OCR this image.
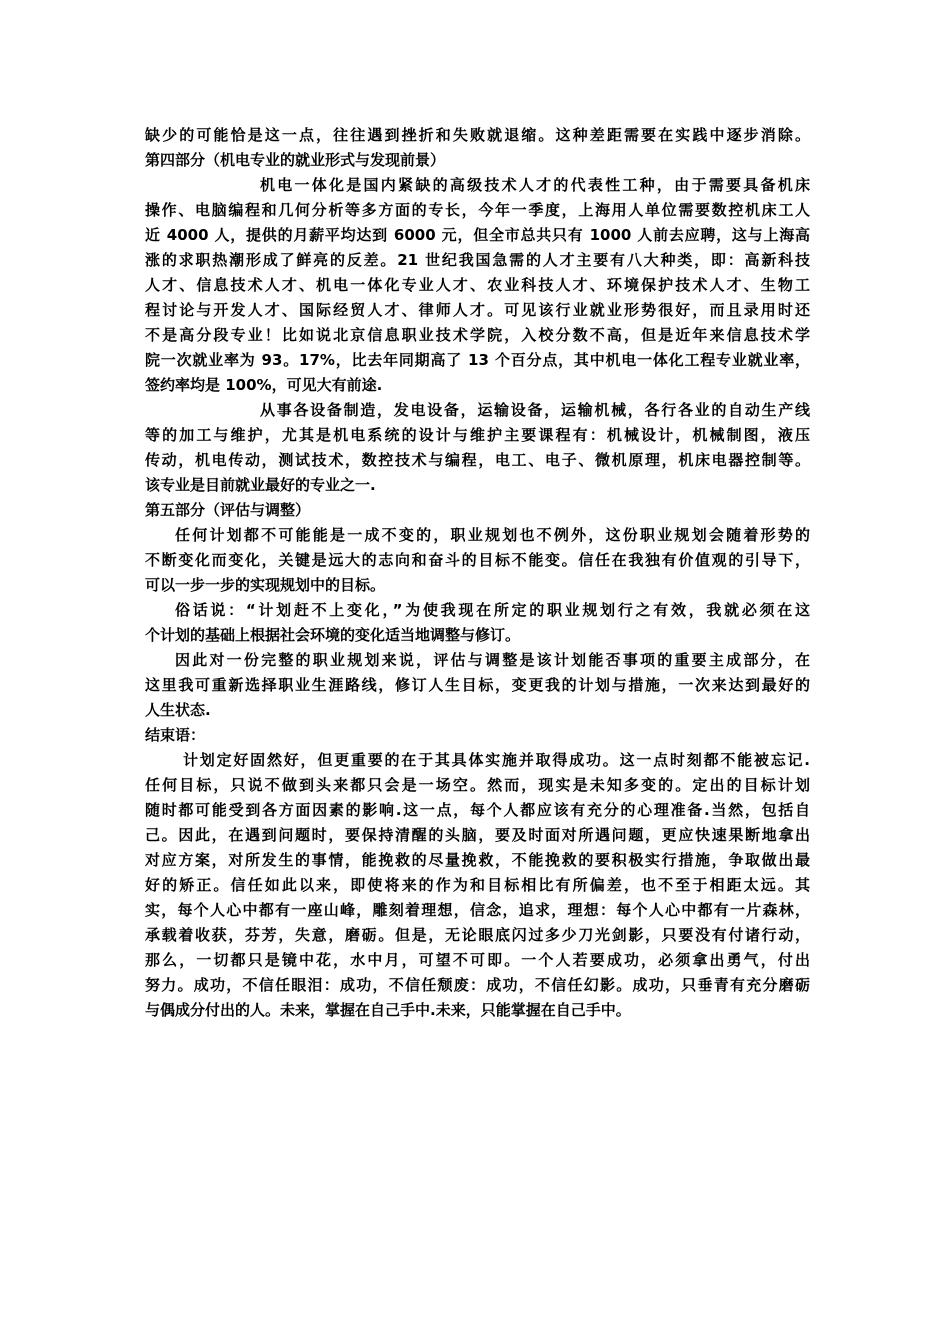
缺少的可能恰是这一点，往往遇到挫折和失败就退缩。这种差距需要在实践中逐步消除。
第四部分（机电专业的就业形式与发现前景）
机电一体化是国内紧缺的高级技术人才的代表性工种，由于需要具备机床
操作、电脑编程和几何分析等多方面的专长，今年一季度，上海用人单位需要数控机床工人
近 4000 人，提供的月薪平均达到 6000 元，但全市总共只有 1000 人前去应聘，这与上海高
涨的求职热潮形成了鲜亮的反差。21 世纪我国急需的人才主要有八大种类，即：高新科技
人才、信息技术人才、机电一体化专业人才、农业科技人才、环境保护技术人才、生物工
程讨论与开发人才、国际经贸人才、律师人才。可见该行业就业形势很好，而且录用时还
不是高分段专业！比如说北京信息职业技术学院，入校分数不高，但是近年来信息技术学
院一次就业率为 93。17%，比去年同期高了 13 个百分点，其中机电一体化工程专业就业率，
签约率均是 100%，可见大有前途.
从事各设备制造，发电设备，运输设备，运输机械，各行各业的自动生产线
等的加工与维护，尤其是机电系统的设计与维护主要课程有：机械设计，机械制图，液压
传动，机电传动，测试技术，数控技术与编程，电工、电子、微机原理，机床电器控制等。
该专业是目前就业最好的专业之一.
第五部分（评估与调整）
任何计划都不可能能是一成不变的，职业规划也不例外，这份职业规划会随着形势的
不断变化而变化，关键是远大的志向和奋斗的目标不能变。信任在我独有价值观的引导下，
可以一步一步的实现规划中的目标。
俗话说：“计划赶不上变化，”为使我现在所定的职业规划行之有效，我就必须在这
个计划的基础上根据社会环境的变化适当地调整与修订。
因此对一份完整的职业规划来说，评估与调整是该计划能否事项的重要主成部分，在
这里我可重新选择职业生涯路线，修订人生目标，变更我的计划与措施，一次来达到最好的
人生状态.
结束语：
计划定好固然好，但更重要的在于其具体实施并取得成功。这一点时刻都不能被忘记.
任何目标，只说不做到头来都只会是一场空。然而，现实是未知多变的。定出的目标计划
随时都可能受到各方面因素的影响.这一点，每个人都应该有充分的心理准备.当然，包括自
己。因此，在遇到问题时，要保持清醒的头脑，要及时面对所遇问题，更应快速果断地拿出
对应方案，对所发生的事情，能挽救的尽量挽救，不能挽救的要积极实行措施，争取做出最
好的矫正。信任如此以来，即使将来的作为和目标相比有所偏差，也不至于相距太远。其
实，每个人心中都有一座山峰，雕刻着理想，信念，追求，理想：每个人心中都有一片森林，
承载着收获，芬芳，失意，磨砺。但是，无论眼底闪过多少刀光剑影，只要没有付诸行动，
那么，一切都只是镜中花，水中月，可望不可即。一个人若要成功，必须拿出勇气，付出
努力。成功，不信任眼泪：成功，不信任颓废：成功，不信任幻影。成功，只垂青有充分磨砺
与偶成分付出的人。未来，掌握在自己手中.未来，只能掌握在自己手中。
